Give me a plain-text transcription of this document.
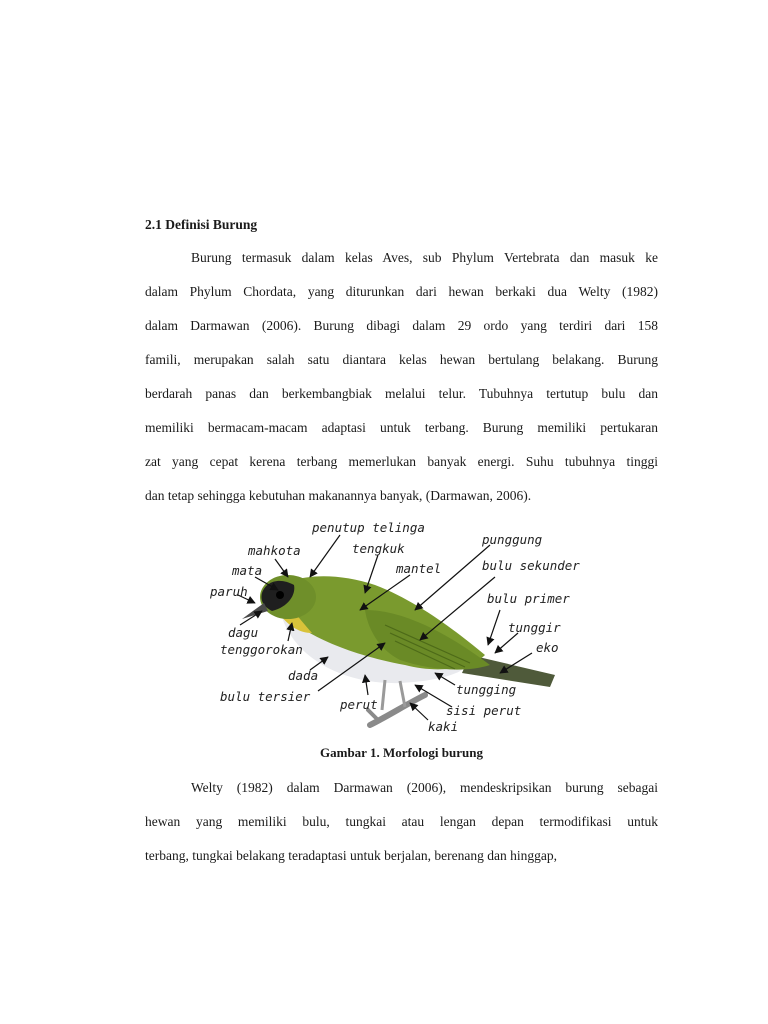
2.1 Definisi Burung
Burung termasuk dalam kelas Aves, sub Phylum Vertebrata dan masuk ke
dalam Phylum Chordata, yang diturunkan dari hewan berkaki dua Welty (1982)
dalam Darmawan (2006). Burung dibagi dalam 29 ordo yang terdiri dari 158
famili, merupakan salah satu diantara kelas hewan bertulang belakang. Burung
berdarah panas dan berkembangbiak melalui telur. Tubuhnya tertutup bulu dan
memiliki bermacam-macam adaptasi untuk terbang. Burung memiliki pertukaran
zat yang cepat kerena terbang memerlukan banyak energi. Suhu tubuhnya tinggi
dan tetap sehingga kebutuhan makanannya banyak, (Darmawan, 2006).
penutup telinga
mahkota	tengkuk
punggung
mata	mantel	bulu sekunder
paruh	bulu primer
dagu
tenggorokan
tunggir
eko
dada
bulu tersier	tungging
perut	sisi perut
kaki
Gambar 1. Morfologi burung
Welty (1982) dalam Darmawan (2006), mendeskripsikan burung sebagai
hewan yang memiliki bulu, tungkai atau lengan depan termodifikasi untuk
terbang, tungkai belakang teradaptasi untuk berjalan, berenang dan hinggap,
